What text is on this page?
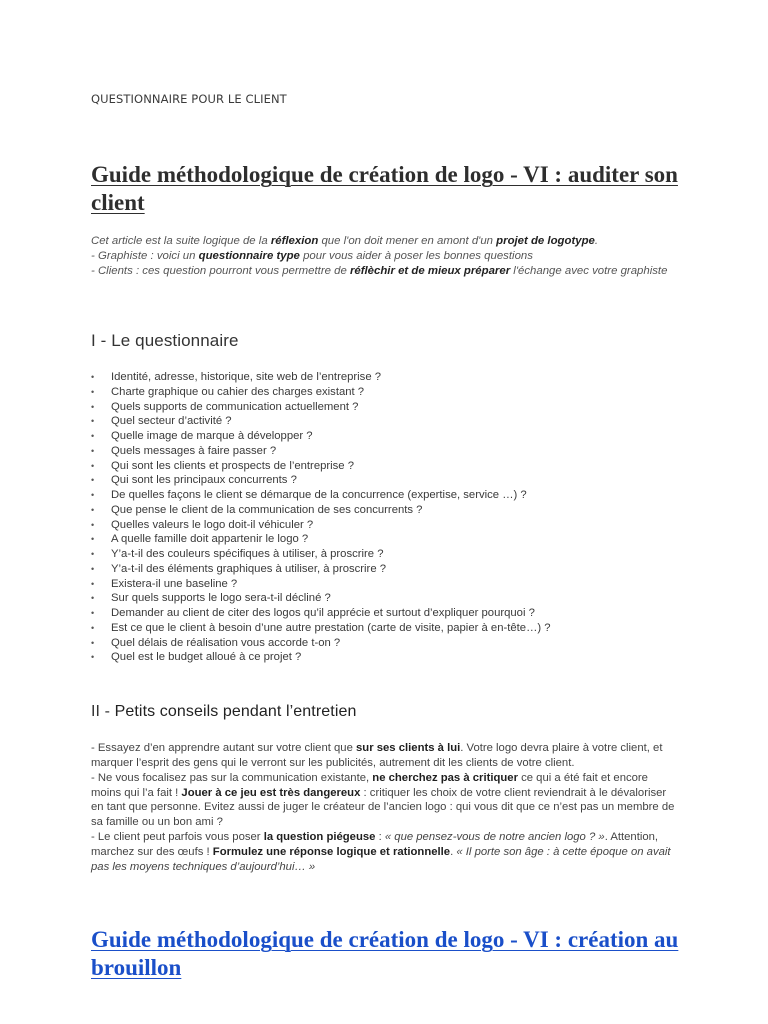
QUESTIONNAIRE POUR LE CLIENT
Guide méthodologique de création de logo - VI : auditer son client
Cet article est la suite logique de la réflexion que l'on doit mener en amont d'un projet de logotype.
- Graphiste : voici un questionnaire type pour vous aider à poser les bonnes questions
- Clients : ces question pourront vous permettre de réflèchir et de mieux préparer l'échange avec votre graphiste
I - Le questionnaire
• Identité, adresse, historique, site web de l’entreprise ?
• Charte graphique ou cahier des charges existant ?
• Quels supports de communication actuellement ?
• Quel secteur d’activité ?
• Quelle image de marque à développer ?
• Quels messages à faire passer ?
• Qui sont les clients et prospects de l’entreprise ?
• Qui sont les principaux concurrents ?
• De quelles façons le client se démarque de la concurrence (expertise, service …) ?
• Que pense le client de la communication de ses concurrents ?
• Quelles valeurs le logo doit-il véhiculer ?
• A quelle famille doit appartenir le logo ?
• Y’a-t-il des couleurs spécifiques à utiliser, à proscrire ?
• Y’a-t-il des éléments graphiques à utiliser, à proscrire ?
• Existera-il une baseline ?
• Sur quels supports le logo sera-t-il décliné ?
• Demander au client de citer des logos qu’il apprécie et surtout d’expliquer pourquoi ?
• Est ce que le client à besoin d’une autre prestation (carte de visite, papier à en-tête…) ?
• Quel délais de réalisation vous accorde t-on ?
• Quel est le budget alloué à ce projet ?
II - Petits conseils pendant l’entretien

- Essayez d’en apprendre autant sur votre client que sur ses clients à lui. Votre logo devra plaire à votre client, et marquer l’esprit des gens qui le verront sur les publicités, autrement dit les clients de votre client.

- Ne vous focalisez pas sur la communication existante, ne cherchez pas à critiquer ce qui a été fait et encore moins qui l’a fait ! Jouer à ce jeu est très dangereux : critiquer les choix de votre client reviendrait à le dévaloriser en tant que personne. Evitez aussi de juger le créateur de l’ancien logo : qui vous dit que ce n’est pas un membre de sa famille ou un bon ami ?

- Le client peut parfois vous poser la question piégeuse : « que pensez-vous de notre ancien logo ? ». Attention, marchez sur des œufs ! Formulez une réponse logique et rationnelle. « Il porte son âge : à cette époque on avait pas les moyens techniques d’aujourd’hui… »

Guide méthodologique de création de logo - VI : création au brouillon
